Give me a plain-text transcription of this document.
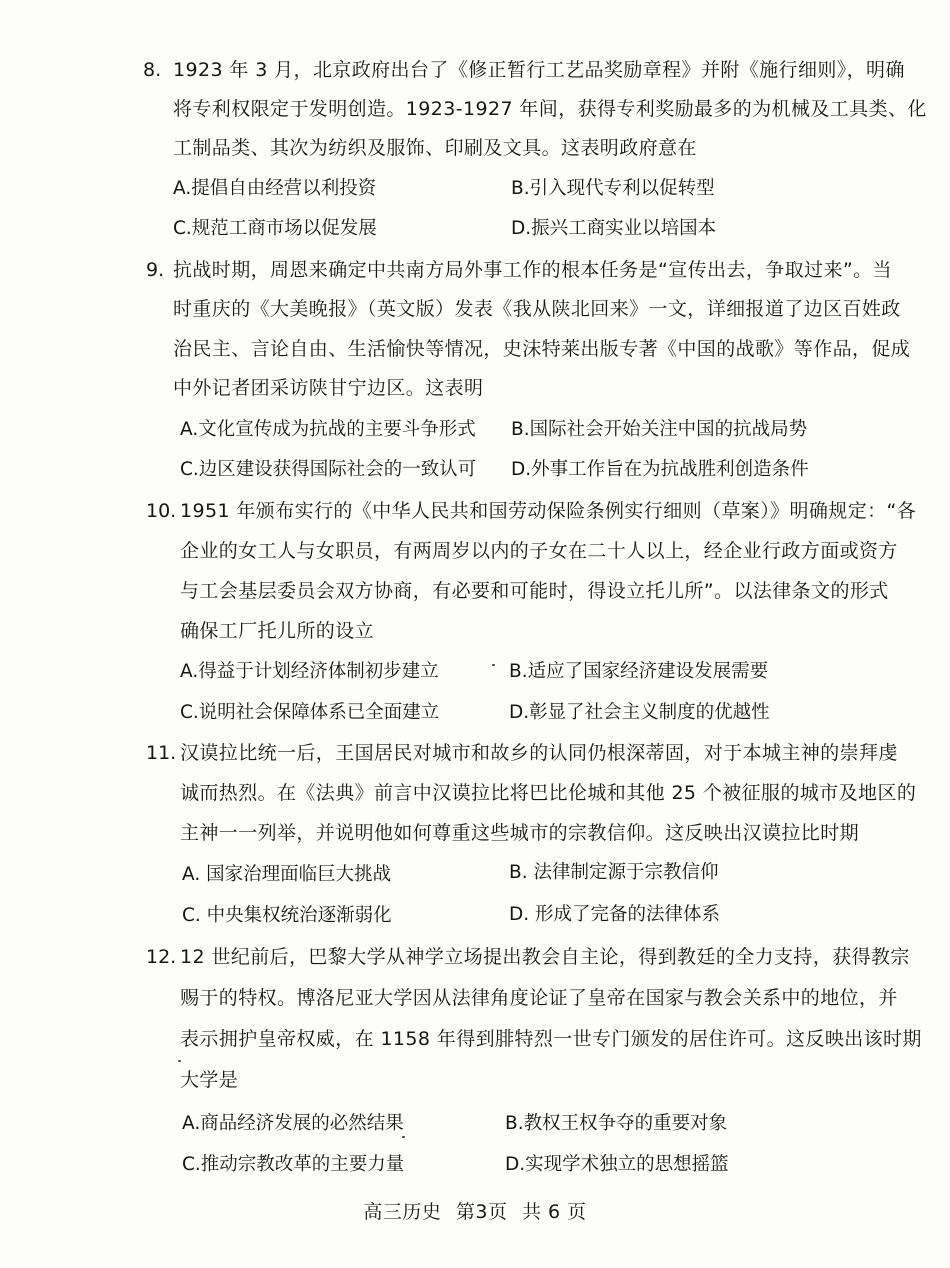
8. 1923 年 3 月，北京政府出台了《修正暂行工艺品奖励章程》并附《施行细则》，明确
将专利权限定于发明创造。1923-1927 年间，获得专利奖励最多的为机械及工具类、化
工制品类、其次为纺织及服饰、印刷及文具。这表明政府意在
A.提倡自由经营以利投资	B.引入现代专利以促转型
C.规范工商市场以促发展	D.振兴工商实业以培国本
9. 抗战时期，周恩来确定中共南方局外事工作的根本任务是“宣传出去，争取过来”。当
时重庆的《大美晚报》（英文版）发表《我从陕北回来》一文，详细报道了边区百姓政
治民主、言论自由、生活愉快等情况，史沫特莱出版专著《中国的战歌》等作品，促成
中外记者团采访陕甘宁边区。这表明
A.文化宣传成为抗战的主要斗争形式 B.国际社会开始关注中国的抗战局势
C.边区建设获得国际社会的一致认可 D.外事工作旨在为抗战胜利创造条件
10. 1951 年颁布实行的《中华人民共和国劳动保险条例实行细则（草案）》明确规定：“各
企业的女工人与女职员，有两周岁以内的子女在二十人以上，经企业行政方面或资方
与工会基层委员会双方协商，有必要和可能时，得设立托儿所”。以法律条文的形式
确保工厂托儿所的设立
A.得益于计划经济体制初步建立	B.适应了国家经济建设发展需要
C.说明社会保障体系已全面建立	D.彰显了社会主义制度的优越性
11. 汉谟拉比统一后，王国居民对城市和故乡的认同仍根深蒂固，对于本城主神的崇拜虔
诚而热烈。在《法典》前言中汉谟拉比将巴比伦城和其他 25 个被征服的城市及地区的
主神一一列举，并说明他如何尊重这些城市的宗教信仰。这反映出汉谟拉比时期
A. 国家治理面临巨大挑战	B. 法律制定源于宗教信仰
C. 中央集权统治逐渐弱化	D. 形成了完备的法律体系
12. 12 世纪前后，巴黎大学从神学立场提出教会自主论，得到教廷的全力支持，获得教宗
赐于的特权。博洛尼亚大学因从法律角度论证了皇帝在国家与教会关系中的地位，并
表示拥护皇帝权威，在 1158 年得到腓特烈一世专门颁发的居住许可。这反映出该时期
大学是
A.商品经济发展的必然结果	B.教权王权争夺的重要对象
C.推动宗教改革的主要力量	D.实现学术独立的思想摇篮
高三历史 第3页 共 6 页
